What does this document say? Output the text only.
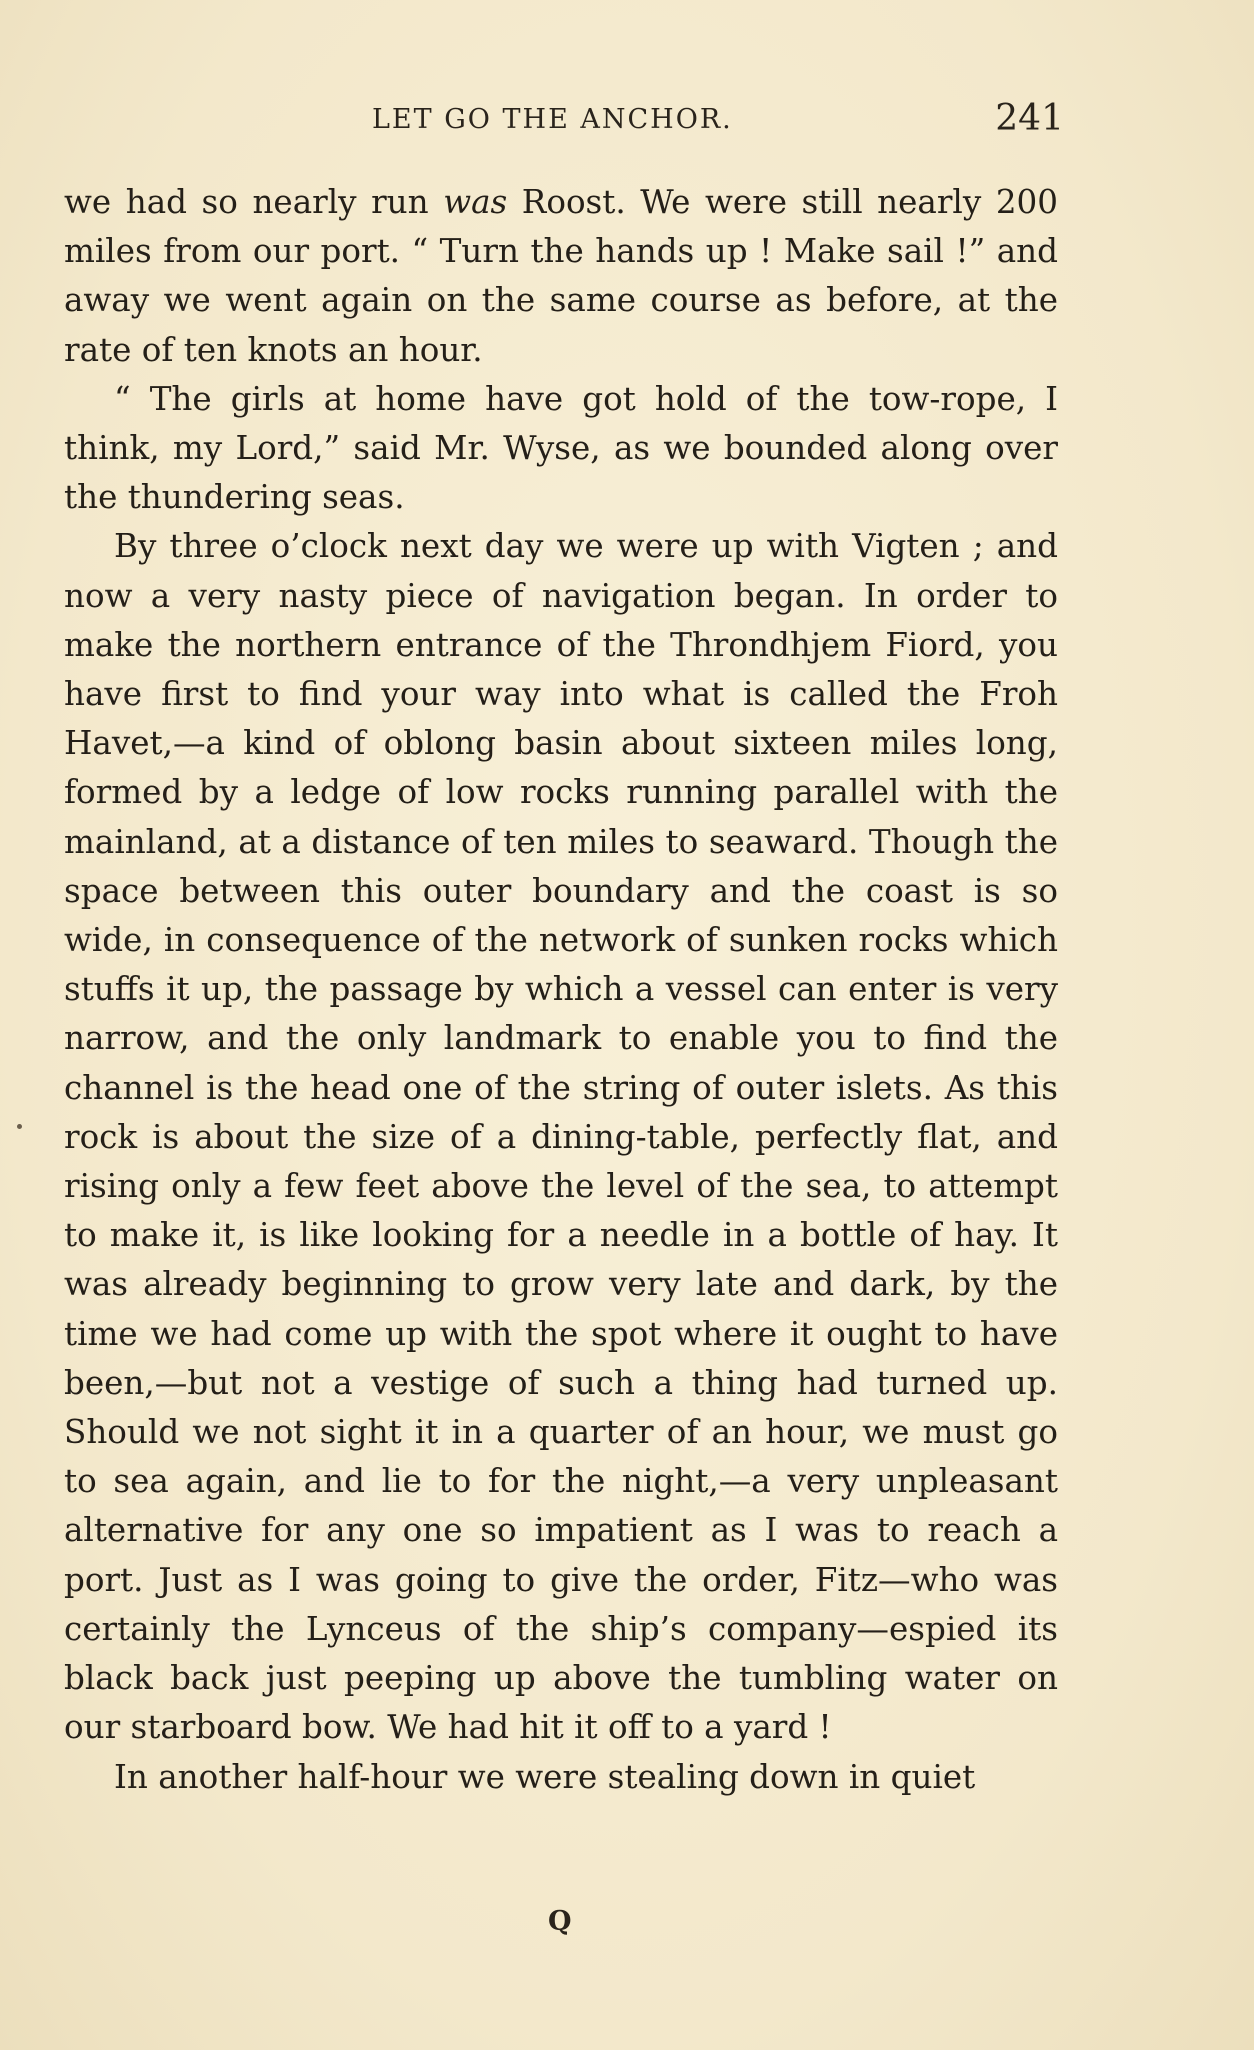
LET GO THE ANCHOR.	241

we had so nearly run was Roost. We were still nearly 200 miles from our port. “ Turn the hands up ! Make sail !” and away we went again on the same course as before, at the rate of ten knots an hour.

“ The girls at home have got hold of the tow-rope, I think, my Lord,” said Mr. Wyse, as we bounded along over the thundering seas.

By three o’clock next day we were up with Vigten ; and now a very nasty piece of navigation began. In order to make the northern entrance of the Throndhjem Fiord, you have first to find your way into what is called the Froh Havet,—a kind of oblong basin about sixteen miles long, formed by a ledge of low rocks running parallel with the mainland, at a distance of ten miles to seaward. Though the space between this outer boundary and the coast is so wide, in consequence of the network of sunken rocks which stuffs it up, the passage by which a vessel can enter is very narrow, and the only landmark to enable you to find the channel is the head one of the string of outer islets. As this rock is about the size of a dining-table, perfectly flat, and rising only a few feet above the level of the sea, to attempt to make it, is like looking for a needle in a bottle of hay. It was already beginning to grow very late and dark, by the time we had come up with the spot where it ought to have been,—but not a vestige of such a thing had turned up. Should we not sight it in a quarter of an hour, we must go to sea again, and lie to for the night,—a very unpleasant alternative for any one so impatient as I was to reach a port. Just as I was going to give the order, Fitz—who was certainly the Lynceus of the ship’s company—espied its black back just peeping up above the tumbling water on our starboard bow. We had hit it off to a yard !

In another half-hour we were stealing down in quiet

Q
